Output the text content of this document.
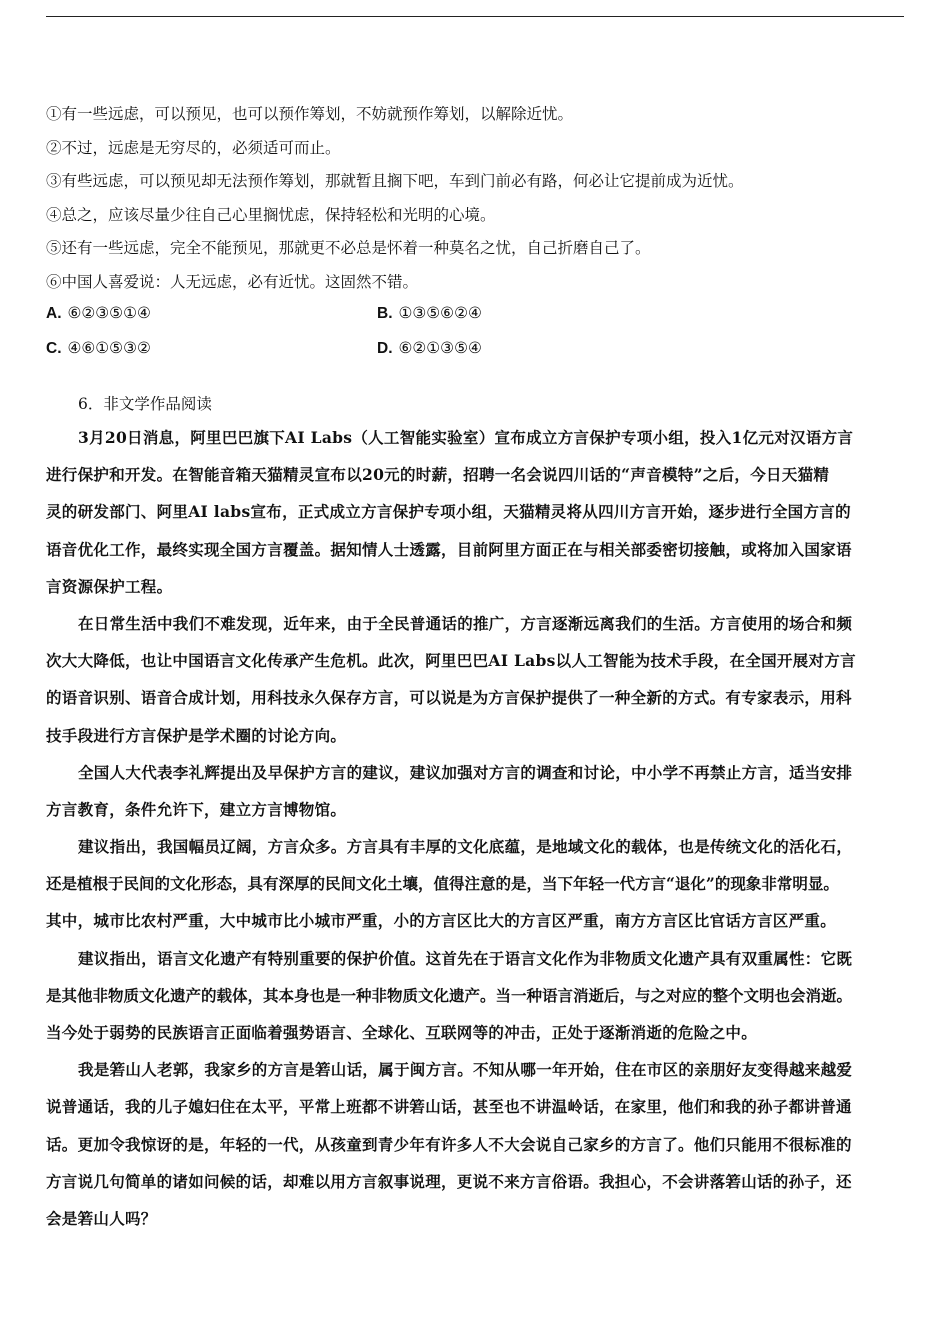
①有一些远虑，可以预见，也可以预作筹划，不妨就预作筹划，以解除近忧。
②不过，远虑是无穷尽的，必须适可而止。
③有些远虑，可以预见却无法预作筹划，那就暂且搁下吧，车到门前必有路，何必让它提前成为近忧。
④总之，应该尽量少往自己心里搁忧虑，保持轻松和光明的心境。
⑤还有一些远虑，完全不能预见，那就更不必总是怀着一种莫名之忧，自己折磨自己了。
⑥中国人喜爱说：人无远虑，必有近忧。这固然不错。
A. ⑥②③⑤①④	B. ①③⑤⑥②④
C. ④⑥①⑤③②	D. ⑥②①③⑤④
6．非文学作品阅读
3月20日消息，阿里巴巴旗下AI Labs（人工智能实验室）宣布成立方言保护专项小组，投入1亿元对汉语方言
进行保护和开发。在智能音箱天猫精灵宣布以20元的时薪，招聘一名会说四川话的“声音模特”之后，今日天猫精
灵的研发部门、阿里AI labs宣布，正式成立方言保护专项小组，天猫精灵将从四川方言开始，逐步进行全国方言的
语音优化工作，最终实现全国方言覆盖。据知情人士透露，目前阿里方面正在与相关部委密切接触，或将加入国家语
言资源保护工程。
在日常生活中我们不难发现，近年来，由于全民普通话的推广，方言逐渐远离我们的生活。方言使用的场合和频
次大大降低，也让中国语言文化传承产生危机。此次，阿里巴巴AI Labs以人工智能为技术手段，在全国开展对方言
的语音识别、语音合成计划，用科技永久保存方言，可以说是为方言保护提供了一种全新的方式。有专家表示，用科
技手段进行方言保护是学术圈的讨论方向。
全国人大代表李礼辉提出及早保护方言的建议，建议加强对方言的调查和讨论，中小学不再禁止方言，适当安排
方言教育，条件允许下，建立方言博物馆。
建议指出，我国幅员辽阔，方言众多。方言具有丰厚的文化底蕴，是地域文化的载体，也是传统文化的活化石，
还是植根于民间的文化形态，具有深厚的民间文化土壤，值得注意的是，当下年轻一代方言“退化”的现象非常明显。
其中，城市比农村严重，大中城市比小城市严重，小的方言区比大的方言区严重，南方方言区比官话方言区严重。
建议指出，语言文化遗产有特别重要的保护价值。这首先在于语言文化作为非物质文化遗产具有双重属性：它既
是其他非物质文化遗产的载体，其本身也是一种非物质文化遗产。当一种语言消逝后，与之对应的整个文明也会消逝。
当今处于弱势的民族语言正面临着强势语言、全球化、互联网等的冲击，正处于逐渐消逝的危险之中。
我是箬山人老郭，我家乡的方言是箬山话，属于闽方言。不知从哪一年开始，住在市区的亲朋好友变得越来越爱
说普通话，我的儿子媳妇住在太平，平常上班都不讲箬山话，甚至也不讲温岭话，在家里，他们和我的孙子都讲普通
话。更加令我惊讶的是，年轻的一代，从孩童到青少年有许多人不大会说自己家乡的方言了。他们只能用不很标准的
方言说几句简单的诸如问候的话，却难以用方言叙事说理，更说不来方言俗语。我担心，不会讲落箬山话的孙子，还
会是箬山人吗？
